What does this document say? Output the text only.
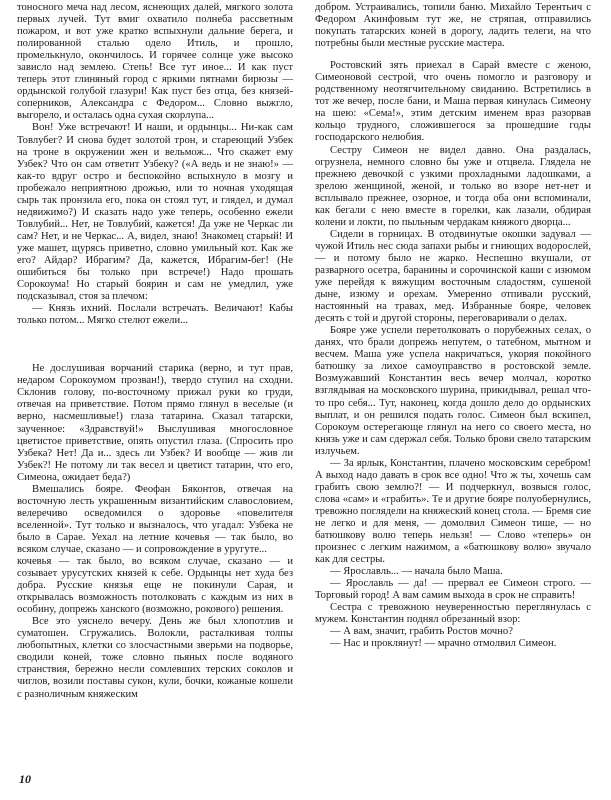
тоносного меча над лесом, яснеющих далей, мягкого золота первых лучей. Тут вмиг охватило полнеба рассветным пожаром, и вот уже кратко вспыхнули дальние берега, и полированной сталью одело Итиль, и прошло, промелькнуло, окончилось. И горячее солнце уже высоко зависло над землею. Степь! Все тут иное... И как пуст теперь этот глиняный город с яркими пятнами бирюзы — ордынской голубой глазури! Как пуст без отца, без князей-соперников, Александра с Федором... Словно выжгло, выгорело, и осталась одна сухая скорлупа...

Вон! Уже встречают! И наши, и ордынцы... Ни-как сам Товлубег? И снова будет золотой трон, и стареющий Узбек на троне в окружении жен и вельмож... Что скажет ему Узбек? Что он сам ответит Узбеку? («А ведь и не знаю!» — как-то вдруг остро и беспокойно вспыхнуло в мозгу и пробежало неприятною дрожью, или то ночная уходящая сырь так пронзила его, пока он стоял тут, и глядел, и думал недвижимо?) И сказать надо уже теперь, особенно ежели Товлубий... Нет, не Товлубий, кажется! Да уже не Черкас ли сам? Нет, и не Черкас... А, видел, знаю! Знакомец старый! И уже машет, щурясь приветно, словно умильный кот. Как же его? Айдар? Ибрагим? Да, кажется, Ибрагим-бег! (Не ошибиться бы только при встрече!) Надо прошать Сорокоума! Но старый боярин и сам не умедлил, уже подсказывал, стоя за плечом:

— Князь ихний. Послали встречать. Величают! Кабы только потом... Мягко стелют ежели...

Не дослушивая ворчаний старика (верно, и тут прав, недаром Сорокоумом прозван!), твердо ступил на сходни. Склонив голову, по-восточному прижал руки ко груди, отвечая на приветствие. Потом прямо глянул в веселые (и верно, насмешливые!) глаза татарина. Сказал татарски, заученное: «Здравствуй!» Выслушивая многословное цветистое приветствие, опять опустил глаза. (Спросить про Узбека? Нет! Да и... здесь ли Узбек? И вообще — жив ли Узбек?! Не потому ли так весел и цветист татарин, что его, Симеона, ожидает беда?)

Вмешались бояре. Феофан Бяконтов, отвечая на восточную лесть украшенным византийским славословием, велеречиво осведомился о здоровье «повелителя вселенной». Тут только и вызналось, что угадал: Узбека не было в Сарае. Уехал на летние кочевья — так было, во всяком случае, сказано — и сопровождение в уругуте...

кочевья — так было, во всяком случае, сказано — и созывает урусутских князей к себе. Ордынцы нет худа без добра. Русские князья еще не покинули Сарая, и открывалась возможность потолковать с каждым из них в особину, допрежь ханского (возможно, рокового) решения.

Все это уяснело вечеру. День же был хлопотлив и суматошен. Сгружались. Волокли, расталкивая толпы любопытных, клетки со злосчастными зверьми на подворье, сводили коней, тоже словно пьяных после водяного странствия, бережно несли сомлевших терских соколов и чиглов, возили поставы сукон, кули, бочки, кожаные кошели с разноличным княжеским

добром. Устраивались, топили баню. Михайло Терентьич с Федором Акинфовым тут же, не стряпая, отправились покупать татарских коней в дорогу, ладить телеги, на что потребны были местные русские мастера.

Ростовский зять приехал в Сарай вместе с женою, Симеоновой сестрой, что очень помогло и разговору и родственному неотягчительному свиданию. Встретились в тот же вечер, после бани, и Маша первая кинулась Симеону на шею: «Сема!», этим детским именем враз разорвав кольцо трудного, сложившегося за прошедшие годы господарского нелюбия.

Сестру Симеон не видел давно. Она раздалась, огрузнела, немного словно бы уже и отцвела. Глядела не прежнею девочкой с узкими прохладными ладошками, а зрелою женщиной, женой, и только во взоре нет-нет и всплывало прежнее, озорное, и тогда оба они вспоминали, как бегали с нею вместе в горелки, как лазали, обдирая колени и локти, по пыльным чердакам княжого дворца...

Сидели в горницах. В отодвинутые окошки задувал — чужой Итиль нес сюда запахи рыбы и гниющих водорослей, — и потому было не жарко. Неспешно вкушали, от разварного осетра, баранины и сорочинской каши с изюмом уже перейдя к вяжущим восточным сладостям, сушеной дыне, изюму и орехам. Умеренно отпивали русский, настоянный на травах, мед. Избранные бояре, человек десять с той и другой стороны, переговаривали о делах.

Бояре уже успели перетолковать о порубежных селах, о данях, что брали допрежь непутем, о татебном, мытном и весчем. Маша уже успела накричаться, укоряя покойного батюшку за лихое самоуправство в ростовской земле. Возмужавший Константин весь вечер молчал, коротко взглядывая на московского шурина, прикидывал, решал что-то про себя... Тут, наконец, когда дошло дело до ордынских выплат, и он решился подать голос. Симеон был вскипел, Сорокоум остерегающе глянул на него со своего места, но князь уже и сам сдержал себя. Только брови свело татарским излучьем.

— За ярлык, Константин, плачено московским серебром! А выход надо давать в срок все одно! Что ж ты, хочешь сам грабить свою землю?! — И подчеркнул, возвыся голос, слова «сам» и «грабить». Те и другие бояре полуобернулись, тревожно поглядели на княжеский конец стола. — Бремя сие не легко и для меня, — домолвил Симеон тише, — но батюшкову волю теперь нельзя! — Слово «теперь» он произнес с легким нажимом, а «батюшкову волю» звучало как для сестры.

— Ярославль... — начала было Маша.

— Ярославль — да! — прервал ее Симеон строго. — Торговый город! А вам самим выхода в срок не справить!

Сестра с тревожною неуверенностью переглянулась с мужем. Константин поднял обрезанный взор:

— А вам, значит, грабить Ростов мочно?

— Нас и проклянут! — мрачно отмолвил Симеон.

10
